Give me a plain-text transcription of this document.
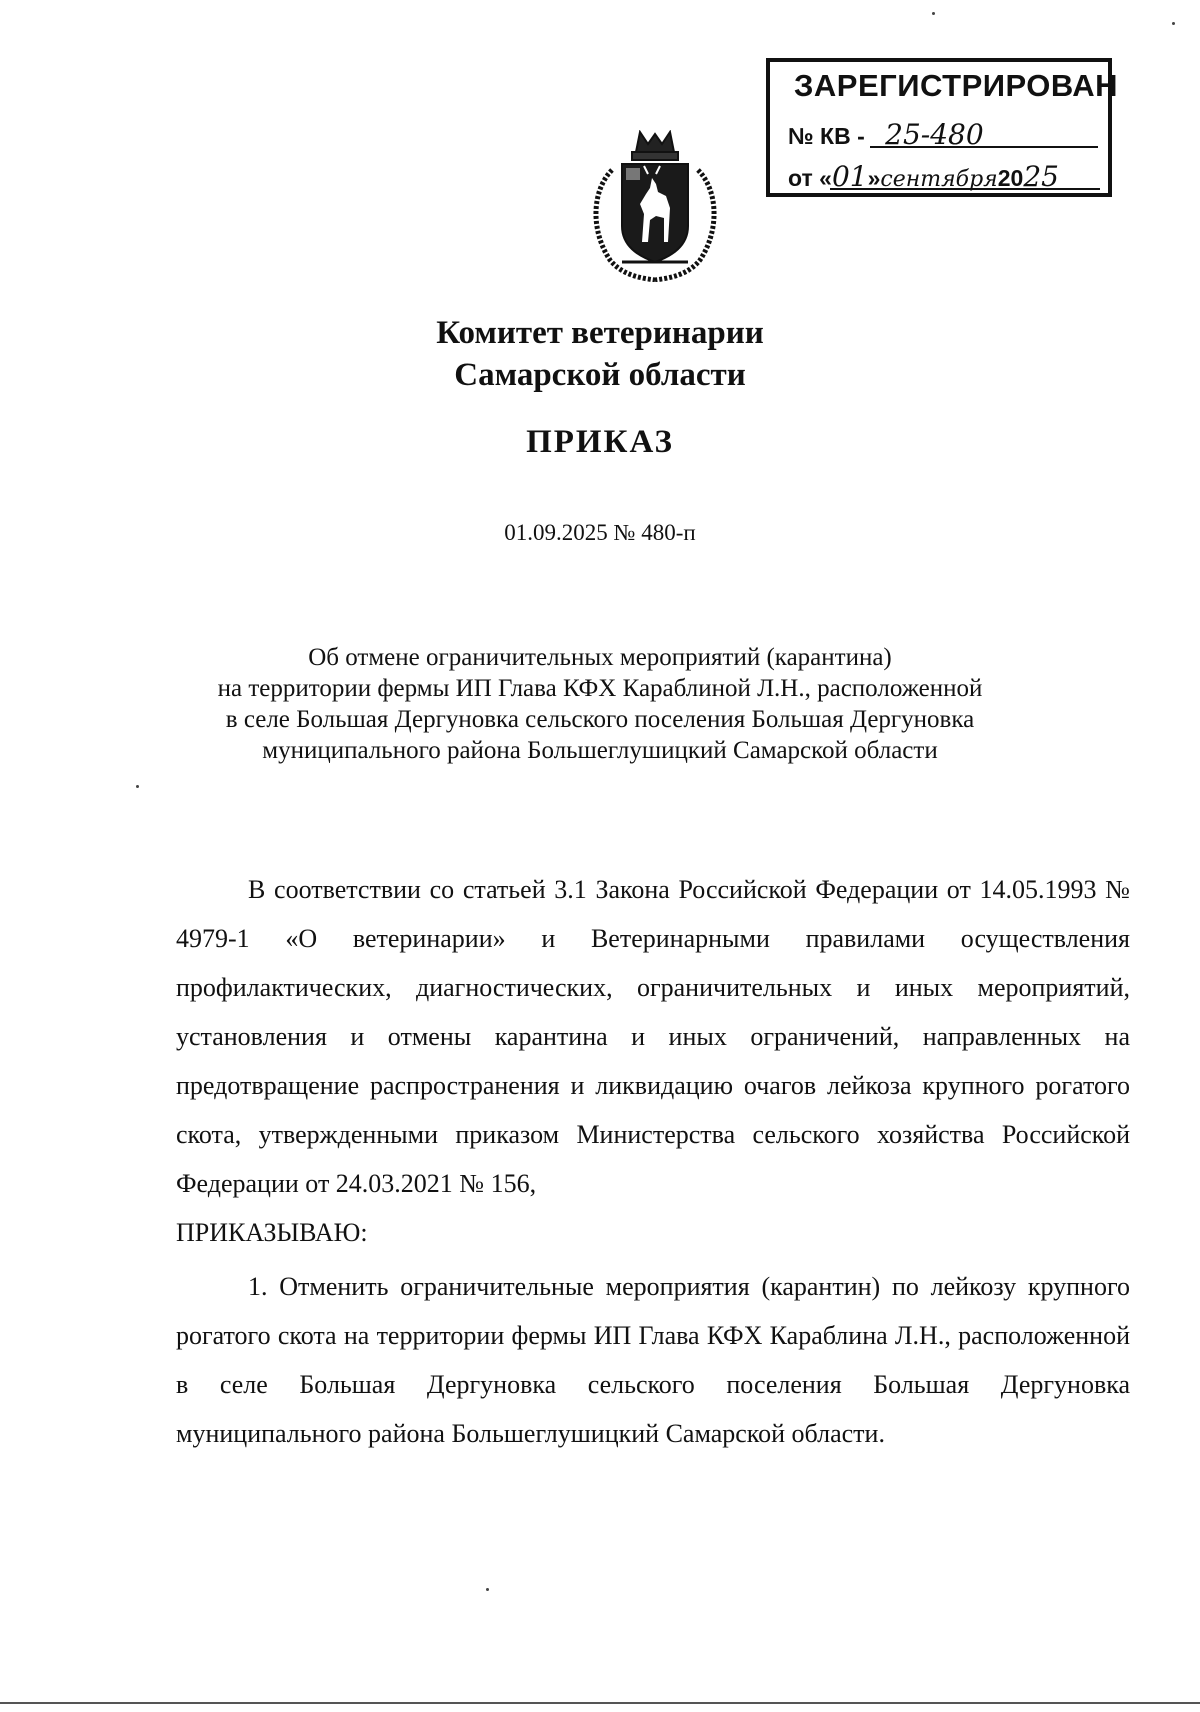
ЗАРЕГИСТРИРОВАН
№ КВ - 25-480
от «01»сентября2025
Комитет ветеринарии
Самарской области
ПРИКАЗ
01.09.2025 № 480-п
Об отмене ограничительных мероприятий (карантина)
на территории фермы ИП Глава КФХ Караблиной Л.Н., расположенной
в селе Большая Дергуновка сельского поселения Большая Дергуновка
муниципального района Большеглушицкий Самарской области
В соответствии со статьей 3.1 Закона Российской Федерации от 14.05.1993 № 4979-1 «О ветеринарии» и Ветеринарными правилами осуществления профилактических, диагностических, ограничительных и иных мероприятий, установления и отмены карантина и иных ограничений, направленных на предотвращение распространения и ликвидацию очагов лейкоза крупного рогатого скота, утвержденными приказом Министерства сельского хозяйства Российской Федерации от 24.03.2021 № 156,
ПРИКАЗЫВАЮ:
1. Отменить ограничительные мероприятия (карантин) по лейкозу крупного рогатого скота на территории фермы ИП Глава КФХ Караблина Л.Н., расположенной в селе Большая Дергуновка сельского поселения Большая Дергуновка муниципального района Большеглушицкий Самарской области.
